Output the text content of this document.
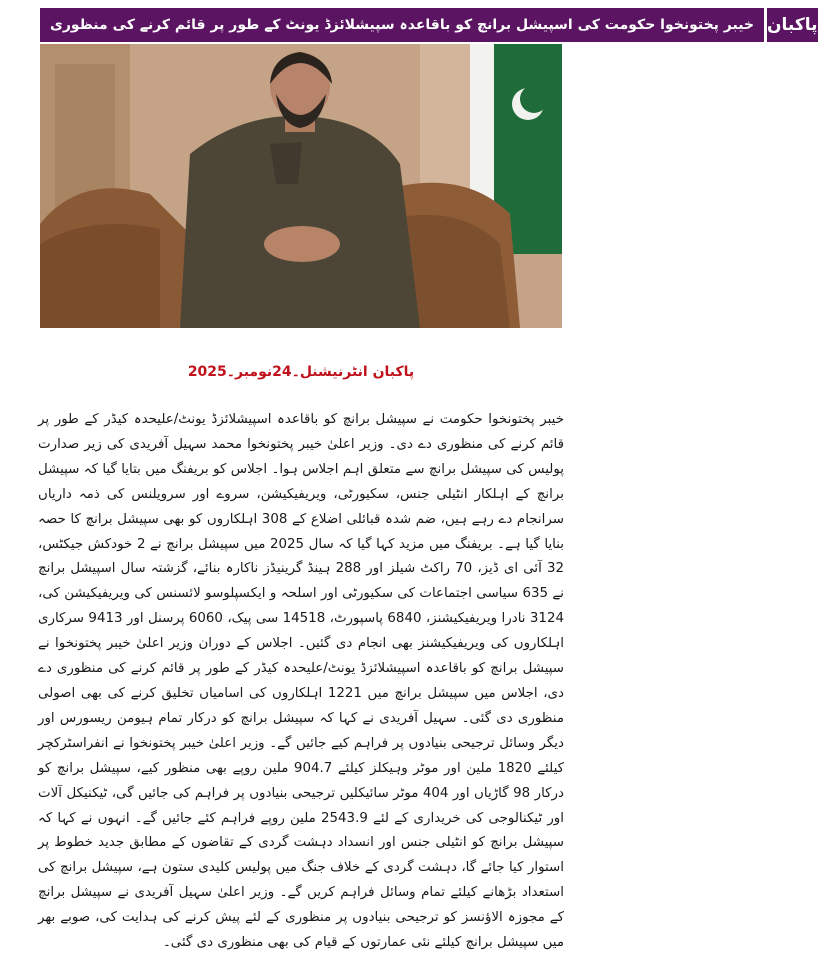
خیبر پختونخوا حکومت کی اسپیشل برانچ کو باقاعدہ سپیشلائزڈ یونٹ کے طور پر قائم کرنے کی منظوری پاکبان
پاکبان انٹرنیشنل۔24نومبر۔2025

خیبر پختونخوا حکومت نے سپیشل برانچ کو باقاعدہ اسپیشلائزڈ یونٹ/علیحدہ کیڈر کے طور پر قائم کرنے کی منظوری دے دی۔ وزیر اعلیٰ خیبر پختونخوا محمد سہیل آفریدی کی زیر صدارت پولیس کی سپیشل برانچ سے متعلق اہم اجلاس ہوا۔ اجلاس کو بریفنگ میں بتایا گیا کہ سپیشل برانچ کے اہلکار انٹیلی جنس، سکیورٹی، ویریفیکیشن، سروے اور سرویلنس کی ذمہ داریاں سرانجام دے رہے ہیں، ضم شدہ قبائلی اضلاع کے 308 اہلکاروں کو بھی سپیشل برانچ کا حصہ بنایا گیا ہے۔ بریفنگ میں مزید کہا گیا کہ سال 2025 میں سپیشل برانچ نے 2 خودکش جیکٹس، 32 آئی ای ڈیز، 70 راکٹ شیلز اور 288 ہینڈ گرینیڈز ناکارہ بنائے، گزشتہ سال اسپیشل برانچ نے 635 سیاسی اجتماعات کی سکیورٹی اور اسلحہ و ایکسپلوسو لائسنس کی ویریفیکیشن کی، 3124 نادرا ویریفیکیشنز، 6840 پاسپورٹ، 14518 سی پیک، 6060 پرسنل اور 9413 سرکاری اہلکاروں کی ویریفیکیشنز بھی انجام دی گئیں۔ اجلاس کے دوران وزیر اعلیٰ خیبر پختونخوا نے سپیشل برانچ کو باقاعدہ اسپیشلائزڈ یونٹ/علیحدہ کیڈر کے طور پر قائم کرنے کی منظوری دے دی، اجلاس میں سپیشل برانچ میں 1221 اہلکاروں کی اسامیاں تخلیق کرنے کی بھی اصولی منظوری دی گئی۔ سہیل آفریدی نے کہا کہ سپیشل برانچ کو درکار تمام ہیومن ریسورس اور دیگر وسائل ترجیحی بنیادوں پر فراہم کیے جائیں گے۔ وزیر اعلیٰ خیبر پختونخوا نے انفراسٹرکچر کیلئے 1820 ملین اور موٹر وہیکلز کیلئے 904.7 ملین روپے بھی منظور کیے، سپیشل برانچ کو درکار 98 گاڑیاں اور 404 موٹر سائیکلیں ترجیحی بنیادوں پر فراہم کی جائیں گی، ٹیکنیکل آلات اور ٹیکنالوجی کی خریداری کے لئے 2543.9 ملین روپے فراہم کئے جائیں گے۔ انہوں نے کہا کہ سپیشل برانچ کو انٹیلی جنس اور انسداد دہشت گردی کے تقاضوں کے مطابق جدید خطوط پر استوار کیا جائے گا، دہشت گردی کے خلاف جنگ میں پولیس کلیدی ستون ہے، سپیشل برانچ کی استعداد بڑھانے کیلئے تمام وسائل فراہم کریں گے۔ وزیر اعلیٰ سہیل آفریدی نے سپیشل برانچ کے مجوزہ الاؤنسز کو ترجیحی بنیادوں پر منظوری کے لئے پیش کرنے کی ہدایت کی، صوبے بھر میں سپیشل برانچ کیلئے نئی عمارتوں کے قیام کی بھی منظوری دی گئی۔
